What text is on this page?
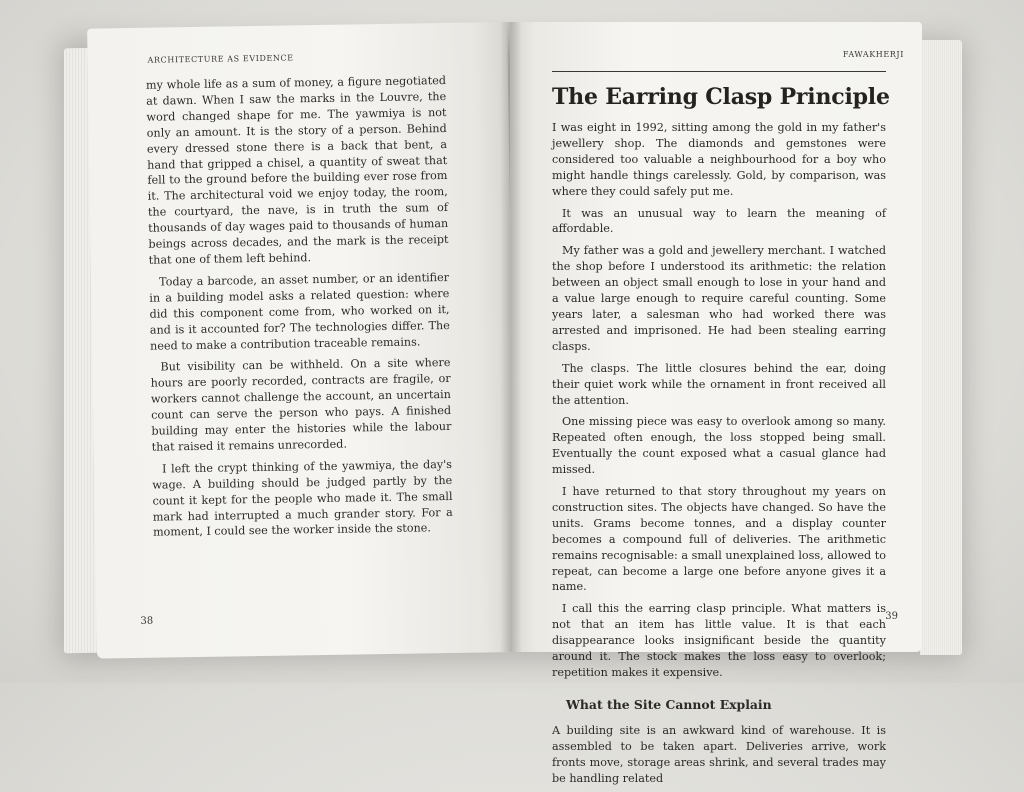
ARCHITECTURE AS EVIDENCE

my whole life as a sum of money, a figure negotiated at dawn. When I saw the marks in the Louvre, the word changed shape for me. The yawmiya is not only an amount. It is the story of a person. Behind every dressed stone there is a back that bent, a hand that gripped a chisel, a quantity of sweat that fell to the ground before the building ever rose from it. The architectural void we enjoy today, the room, the courtyard, the nave, is in truth the sum of thousands of day wages paid to thousands of human beings across decades, and the mark is the receipt that one of them left behind.

Today a barcode, an asset number, or an identifier in a building model asks a related question: where did this component come from, who worked on it, and is it accounted for? The technologies differ. The need to make a contribution traceable remains.

But visibility can be withheld. On a site where hours are poorly recorded, contracts are fragile, or workers cannot challenge the account, an uncertain count can serve the person who pays. A finished building may enter the histories while the labour that raised it remains unrecorded.

I left the crypt thinking of the yawmiya, the day's wage. A building should be judged partly by the count it kept for the people who made it. The small mark had interrupted a much grander story. For a moment, I could see the worker inside the stone.

38
FAWAKHERJI
The Earring Clasp Principle

I was eight in 1992, sitting among the gold in my father's jewellery shop. The diamonds and gemstones were considered too valuable a neighbourhood for a boy who might handle things carelessly. Gold, by comparison, was where they could safely put me.

It was an unusual way to learn the meaning of affordable.

My father was a gold and jewellery merchant. I watched the shop before I understood its arithmetic: the relation between an object small enough to lose in your hand and a value large enough to require careful counting. Some years later, a salesman who had worked there was arrested and imprisoned. He had been stealing earring clasps.

The clasps. The little closures behind the ear, doing their quiet work while the ornament in front received all the attention.

One missing piece was easy to overlook among so many. Repeated often enough, the loss stopped being small. Eventually the count exposed what a casual glance had missed.

I have returned to that story throughout my years on construction sites. The objects have changed. So have the units. Grams become tonnes, and a display counter becomes a compound full of deliveries. The arithmetic remains recognisable: a small unexplained loss, allowed to repeat, can become a large one before anyone gives it a name.

I call this the earring clasp principle. What matters is not that an item has little value. It is that each disappearance looks insignificant beside the quantity around it. The stock makes the loss easy to overlook; repetition makes it expensive.

What the Site Cannot Explain

A building site is an awkward kind of warehouse. It is assembled to be taken apart. Deliveries arrive, work fronts move, storage areas shrink, and several trades may be handling related

39
